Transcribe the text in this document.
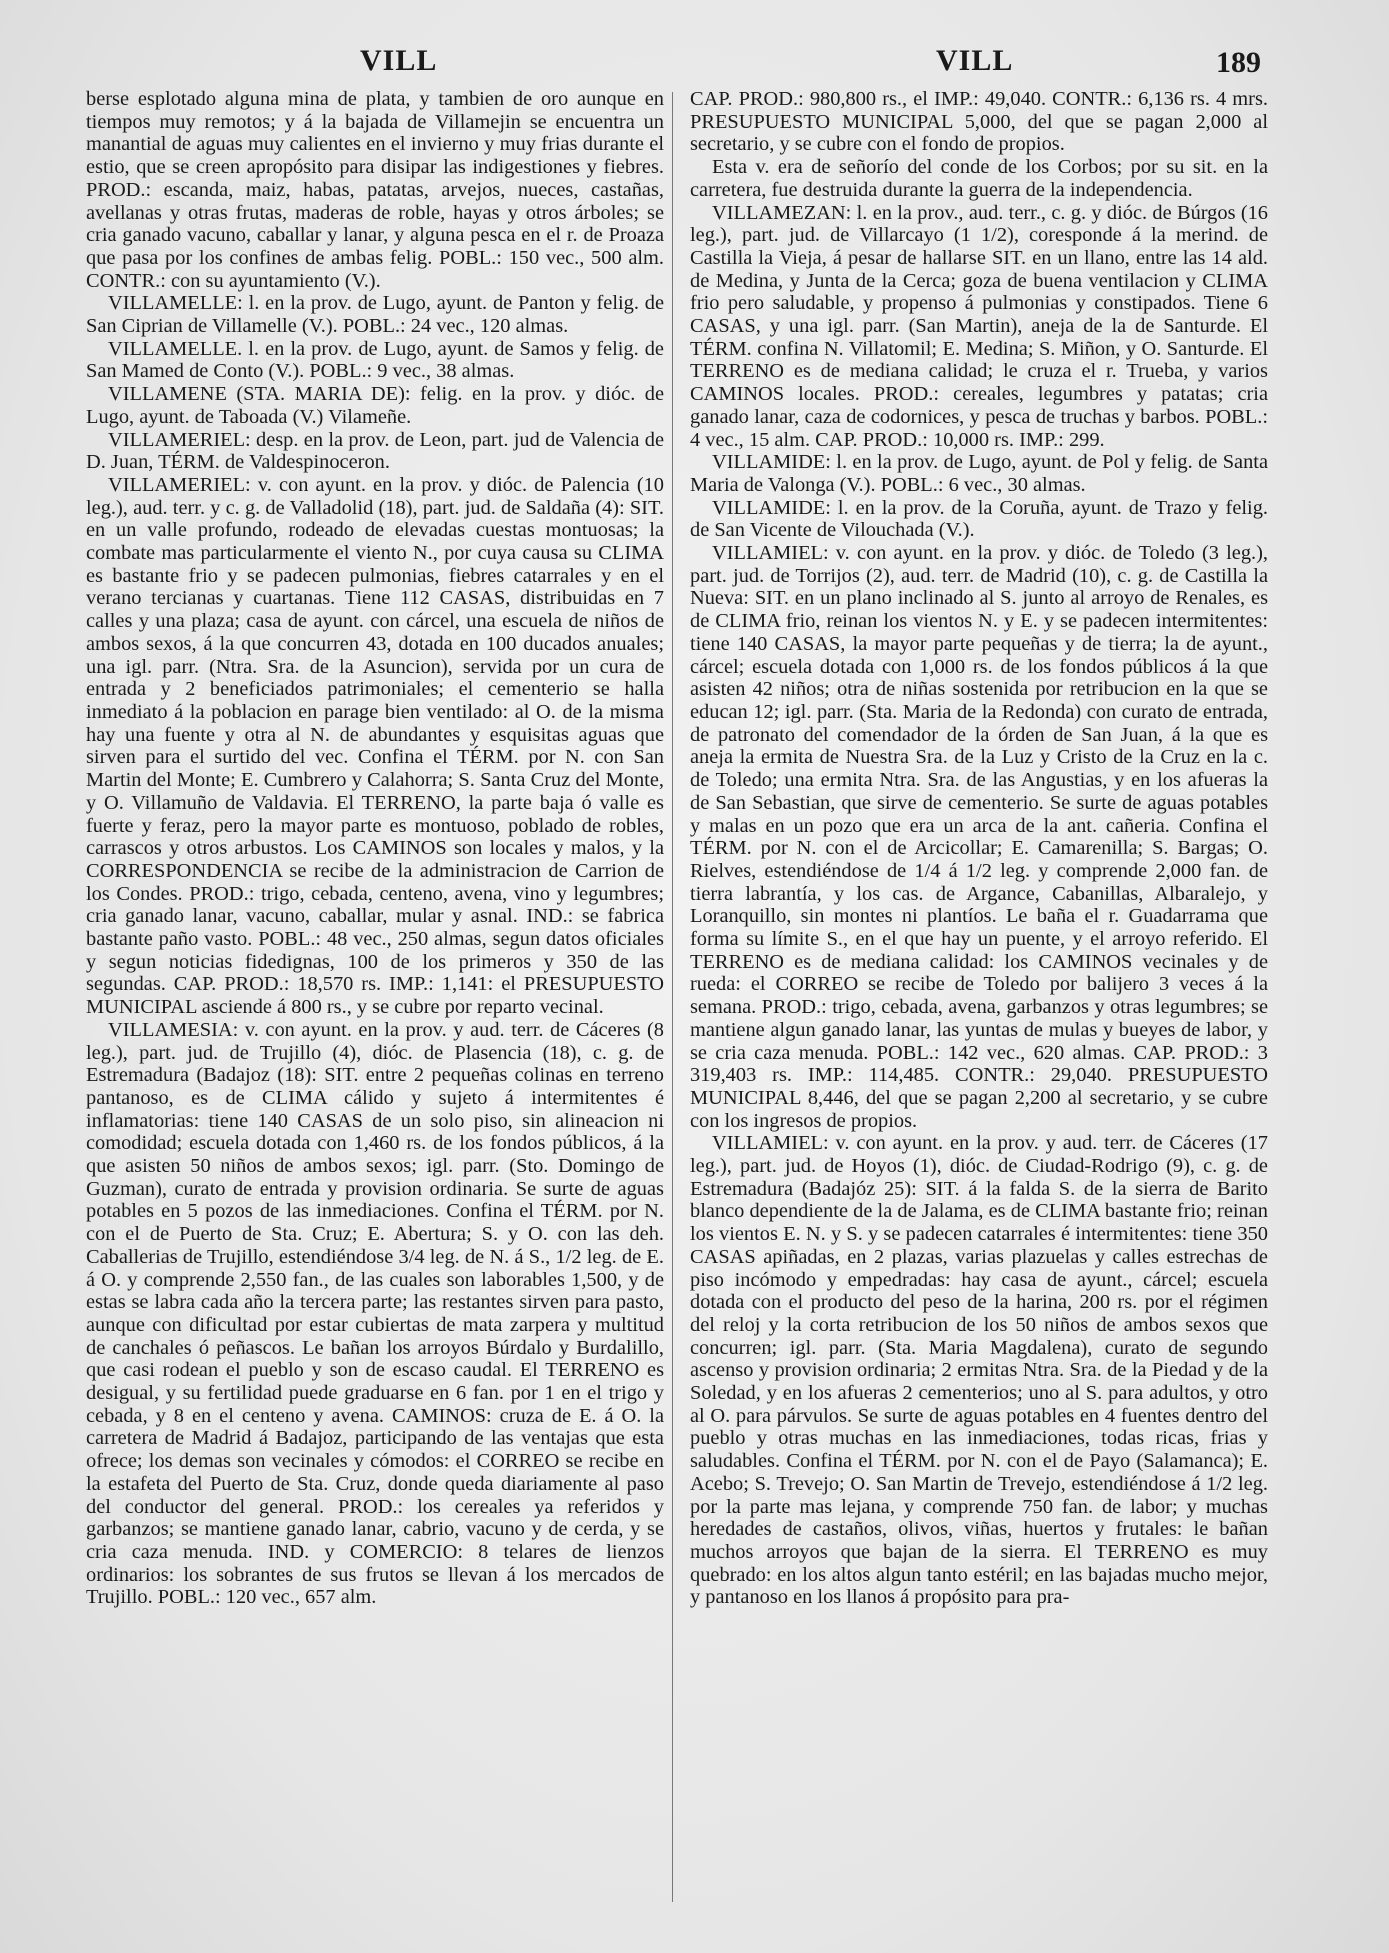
VILL	VILL	189

berse esplotado alguna mina de plata, y tambien de oro aunque en tiempos muy remotos; y á la bajada de Villamejin se encuentra un manantial de aguas muy calientes en el invierno y muy frias durante el estio, que se creen apropósito para disipar las indigestiones y fiebres. PROD.: escanda, maiz, habas, patatas, arvejos, nueces, castañas, avellanas y otras frutas, maderas de roble, hayas y otros árboles; se cria ganado vacuno, caballar y lanar, y alguna pesca en el r. de Proaza que pasa por los confines de ambas felig. POBL.: 150 vec., 500 alm. CONTR.: con su ayuntamiento (V.).

VILLAMELLE: l. en la prov. de Lugo, ayunt. de Panton y felig. de San Ciprian de Villamelle (V.). POBL.: 24 vec., 120 almas.

VILLAMELLE. l. en la prov. de Lugo, ayunt. de Samos y felig. de San Mamed de Conto (V.). POBL.: 9 vec., 38 almas.

VILLAMENE (STA. MARIA DE): felig. en la prov. y dióc. de Lugo, ayunt. de Taboada (V.) Vilameñe.

VILLAMERIEL: desp. en la prov. de Leon, part. jud de Valencia de D. Juan, TÉRM. de Valdespinoceron.

VILLAMERIEL: v. con ayunt. en la prov. y dióc. de Palencia (10 leg.), aud. terr. y c. g. de Valladolid (18), part. jud. de Saldaña (4): SIT. en un valle profundo, rodeado de elevadas cuestas montuosas; la combate mas particularmente el viento N., por cuya causa su CLIMA es bastante frio y se padecen pulmonias, fiebres catarrales y en el verano tercianas y cuartanas. Tiene 112 CASAS, distribuidas en 7 calles y una plaza; casa de ayunt. con cárcel, una escuela de niños de ambos sexos, á la que concurren 43, dotada en 100 ducados anuales; una igl. parr. (Ntra. Sra. de la Asuncion), servida por un cura de entrada y 2 beneficiados patrimoniales; el cementerio se halla inmediato á la poblacion en parage bien ventilado: al O. de la misma hay una fuente y otra al N. de abundantes y esquisitas aguas que sirven para el surtido del vec. Confina el TÉRM. por N. con San Martin del Monte; E. Cumbrero y Calahorra; S. Santa Cruz del Monte, y O. Villamuño de Valdavia. El TERRENO, la parte baja ó valle es fuerte y feraz, pero la mayor parte es montuoso, poblado de robles, carrascos y otros arbustos. Los CAMINOS son locales y malos, y la CORRESPONDENCIA se recibe de la administracion de Carrion de los Condes. PROD.: trigo, cebada, centeno, avena, vino y legumbres; cria ganado lanar, vacuno, caballar, mular y asnal. IND.: se fabrica bastante paño vasto. POBL.: 48 vec., 250 almas, segun datos oficiales y segun noticias fidedignas, 100 de los primeros y 350 de las segundas. CAP. PROD.: 18,570 rs. IMP.: 1,141: el PRESUPUESTO MUNICIPAL asciende á 800 rs., y se cubre por reparto vecinal.

VILLAMESIA: v. con ayunt. en la prov. y aud. terr. de Cáceres (8 leg.), part. jud. de Trujillo (4), dióc. de Plasencia (18), c. g. de Estremadura (Badajoz (18): SIT. entre 2 pequeñas colinas en terreno pantanoso, es de CLIMA cálido y sujeto á intermitentes é inflamatorias: tiene 140 CASAS de un solo piso, sin alineacion ni comodidad; escuela dotada con 1,460 rs. de los fondos públicos, á la que asisten 50 niños de ambos sexos; igl. parr. (Sto. Domingo de Guzman), curato de entrada y provision ordinaria. Se surte de aguas potables en 5 pozos de las inmediaciones. Confina el TÉRM. por N. con el de Puerto de Sta. Cruz; E. Abertura; S. y O. con las deh. Caballerias de Trujillo, estendiéndose 3/4 leg. de N. á S., 1/2 leg. de E. á O. y comprende 2,550 fan., de las cuales son laborables 1,500, y de estas se labra cada año la tercera parte; las restantes sirven para pasto, aunque con dificultad por estar cubiertas de mata zarpera y multitud de canchales ó peñascos. Le bañan los arroyos Búrdalo y Burdalillo, que casi rodean el pueblo y son de escaso caudal. El TERRENO es desigual, y su fertilidad puede graduarse en 6 fan. por 1 en el trigo y cebada, y 8 en el centeno y avena. CAMINOS: cruza de E. á O. la carretera de Madrid á Badajoz, participando de las ventajas que esta ofrece; los demas son vecinales y cómodos: el CORREO se recibe en la estafeta del Puerto de Sta. Cruz, donde queda diariamente al paso del conductor del general. PROD.: los cereales ya referidos y garbanzos; se mantiene ganado lanar, cabrio, vacuno y de cerda, y se cria caza menuda. IND. y COMERCIO: 8 telares de lienzos ordinarios: los sobrantes de sus frutos se llevan á los mercados de Trujillo. POBL.: 120 vec., 657 alm.

CAP. PROD.: 980,800 rs., el IMP.: 49,040. CONTR.: 6,136 rs. 4 mrs. PRESUPUESTO MUNICIPAL 5,000, del que se pagan 2,000 al secretario, y se cubre con el fondo de propios.

Esta v. era de señorío del conde de los Corbos; por su sit. en la carretera, fue destruida durante la guerra de la independencia.

VILLAMEZAN: l. en la prov., aud. terr., c. g. y dióc. de Búrgos (16 leg.), part. jud. de Villarcayo (1 1/2), coresponde á la merind. de Castilla la Vieja, á pesar de hallarse SIT. en un llano, entre las 14 ald. de Medina, y Junta de la Cerca; goza de buena ventilacion y CLIMA frio pero saludable, y propenso á pulmonias y constipados. Tiene 6 CASAS, y una igl. parr. (San Martin), aneja de la de Santurde. El TÉRM. confina N. Villatomil; E. Medina; S. Miñon, y O. Santurde. El TERRENO es de mediana calidad; le cruza el r. Trueba, y varios CAMINOS locales. PROD.: cereales, legumbres y patatas; cria ganado lanar, caza de codornices, y pesca de truchas y barbos. POBL.: 4 vec., 15 alm. CAP. PROD.: 10,000 rs. IMP.: 299.

VILLAMIDE: l. en la prov. de Lugo, ayunt. de Pol y felig. de Santa Maria de Valonga (V.). POBL.: 6 vec., 30 almas.

VILLAMIDE: l. en la prov. de la Coruña, ayunt. de Trazo y felig. de San Vicente de Vilouchada (V.).

VILLAMIEL: v. con ayunt. en la prov. y dióc. de Toledo (3 leg.), part. jud. de Torrijos (2), aud. terr. de Madrid (10), c. g. de Castilla la Nueva: SIT. en un plano inclinado al S. junto al arroyo de Renales, es de CLIMA frio, reinan los vientos N. y E. y se padecen intermitentes: tiene 140 CASAS, la mayor parte pequeñas y de tierra; la de ayunt., cárcel; escuela dotada con 1,000 rs. de los fondos públicos á la que asisten 42 niños; otra de niñas sostenida por retribucion en la que se educan 12; igl. parr. (Sta. Maria de la Redonda) con curato de entrada, de patronato del comendador de la órden de San Juan, á la que es aneja la ermita de Nuestra Sra. de la Luz y Cristo de la Cruz en la c. de Toledo; una ermita Ntra. Sra. de las Angustias, y en los afueras la de San Sebastian, que sirve de cementerio. Se surte de aguas potables y malas en un pozo que era un arca de la ant. cañeria. Confina el TÉRM. por N. con el de Arcicollar; E. Camarenilla; S. Bargas; O. Rielves, estendiéndose de 1/4 á 1/2 leg. y comprende 2,000 fan. de tierra labrantía, y los cas. de Argance, Cabanillas, Albaralejo, y Loranquillo, sin montes ni plantíos. Le baña el r. Guadarrama que forma su límite S., en el que hay un puente, y el arroyo referido. El TERRENO es de mediana calidad: los CAMINOS vecinales y de rueda: el CORREO se recibe de Toledo por balijero 3 veces á la semana. PROD.: trigo, cebada, avena, garbanzos y otras legumbres; se mantiene algun ganado lanar, las yuntas de mulas y bueyes de labor, y se cria caza menuda. POBL.: 142 vec., 620 almas. CAP. PROD.: 3 319,403 rs. IMP.: 114,485. CONTR.: 29,040. PRESUPUESTO MUNICIPAL 8,446, del que se pagan 2,200 al secretario, y se cubre con los ingresos de propios.

VILLAMIEL: v. con ayunt. en la prov. y aud. terr. de Cáceres (17 leg.), part. jud. de Hoyos (1), dióc. de Ciudad-Rodrigo (9), c. g. de Estremadura (Badajóz 25): SIT. á la falda S. de la sierra de Barito blanco dependiente de la de Jalama, es de CLIMA bastante frio; reinan los vientos E. N. y S. y se padecen catarrales é intermitentes: tiene 350 CASAS apiñadas, en 2 plazas, varias plazuelas y calles estrechas de piso incómodo y empedradas: hay casa de ayunt., cárcel; escuela dotada con el producto del peso de la harina, 200 rs. por el régimen del reloj y la corta retribucion de los 50 niños de ambos sexos que concurren; igl. parr. (Sta. Maria Magdalena), curato de segundo ascenso y provision ordinaria; 2 ermitas Ntra. Sra. de la Piedad y de la Soledad, y en los afueras 2 cementerios; uno al S. para adultos, y otro al O. para párvulos. Se surte de aguas potables en 4 fuentes dentro del pueblo y otras muchas en las inmediaciones, todas ricas, frias y saludables. Confina el TÉRM. por N. con el de Payo (Salamanca); E. Acebo; S. Trevejo; O. San Martin de Trevejo, estendiéndose á 1/2 leg. por la parte mas lejana, y comprende 750 fan. de labor; y muchas heredades de castaños, olivos, viñas, huertos y frutales: le bañan muchos arroyos que bajan de la sierra. El TERRENO es muy quebrado: en los altos algun tanto estéril; en las bajadas mucho mejor, y pantanoso en los llanos á propósito para pra-
